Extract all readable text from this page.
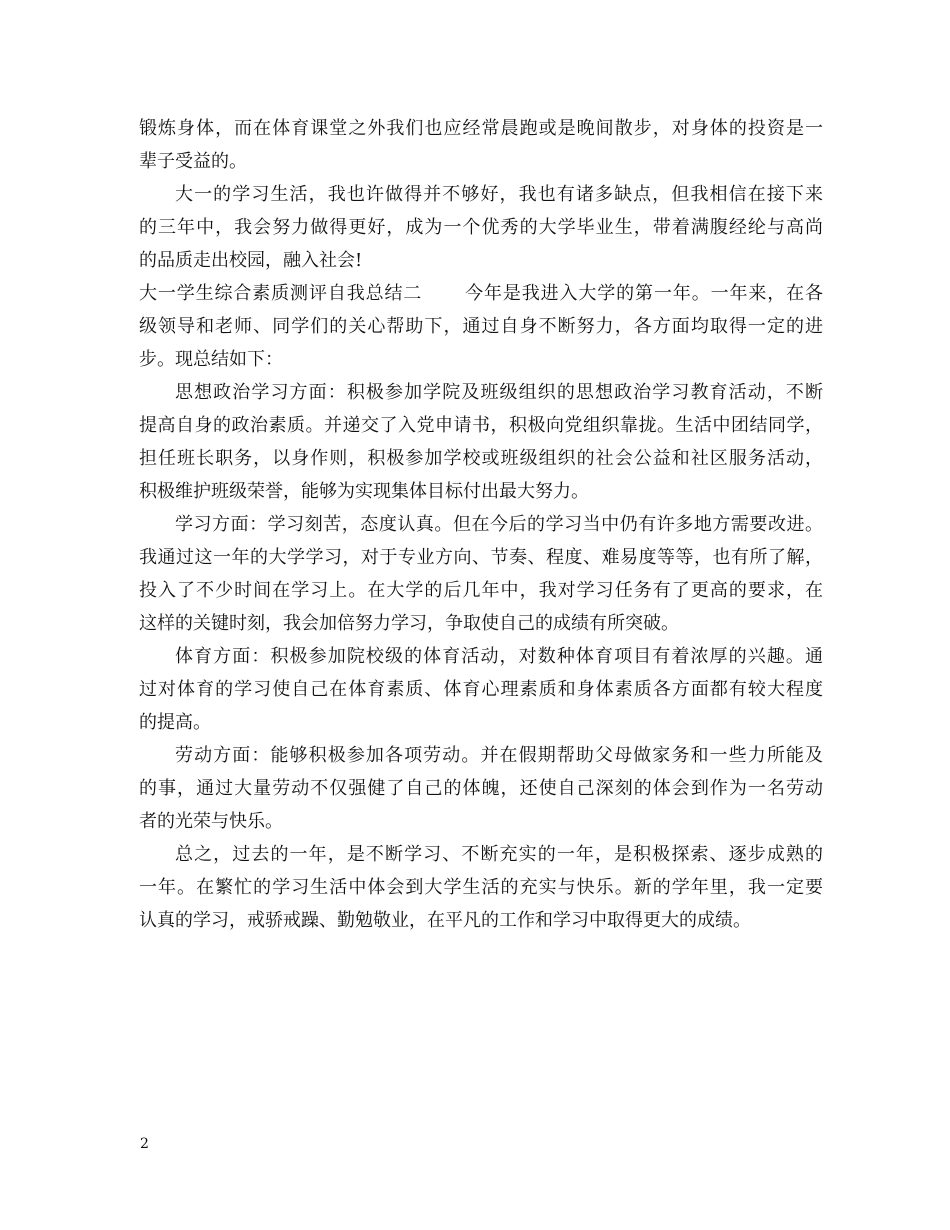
锻炼身体，而在体育课堂之外我们也应经常晨跑或是晚间散步，对身体的投资是一
辈子受益的。
大一的学习生活，我也许做得并不够好，我也有诸多缺点，但我相信在接下来
的三年中，我会努力做得更好，成为一个优秀的大学毕业生，带着满腹经纶与高尚
的品质走出校园，融入社会!
大一学生综合素质测评自我总结二 今年是我进入大学的第一年。一年来，在各
级领导和老师、同学们的关心帮助下，通过自身不断努力，各方面均取得一定的进
步。现总结如下：
思想政治学习方面：积极参加学院及班级组织的思想政治学习教育活动，不断
提高自身的政治素质。并递交了入党申请书，积极向党组织靠拢。生活中团结同学，
担任班长职务，以身作则，积极参加学校或班级组织的社会公益和社区服务活动，
积极维护班级荣誉，能够为实现集体目标付出最大努力。
学习方面：学习刻苦，态度认真。但在今后的学习当中仍有许多地方需要改进。
我通过这一年的大学学习，对于专业方向、节奏、程度、难易度等等，也有所了解，
投入了不少时间在学习上。在大学的后几年中，我对学习任务有了更高的要求，在
这样的关键时刻，我会加倍努力学习，争取使自己的成绩有所突破。
体育方面：积极参加院校级的体育活动，对数种体育项目有着浓厚的兴趣。通
过对体育的学习使自己在体育素质、体育心理素质和身体素质各方面都有较大程度
的提高。
劳动方面：能够积极参加各项劳动。并在假期帮助父母做家务和一些力所能及
的事，通过大量劳动不仅强健了自己的体魄，还使自己深刻的体会到作为一名劳动
者的光荣与快乐。
总之，过去的一年，是不断学习、不断充实的一年，是积极探索、逐步成熟的
一年。在繁忙的学习生活中体会到大学生活的充实与快乐。新的学年里，我一定要
认真的学习，戒骄戒躁、勤勉敬业，在平凡的工作和学习中取得更大的成绩。
2
